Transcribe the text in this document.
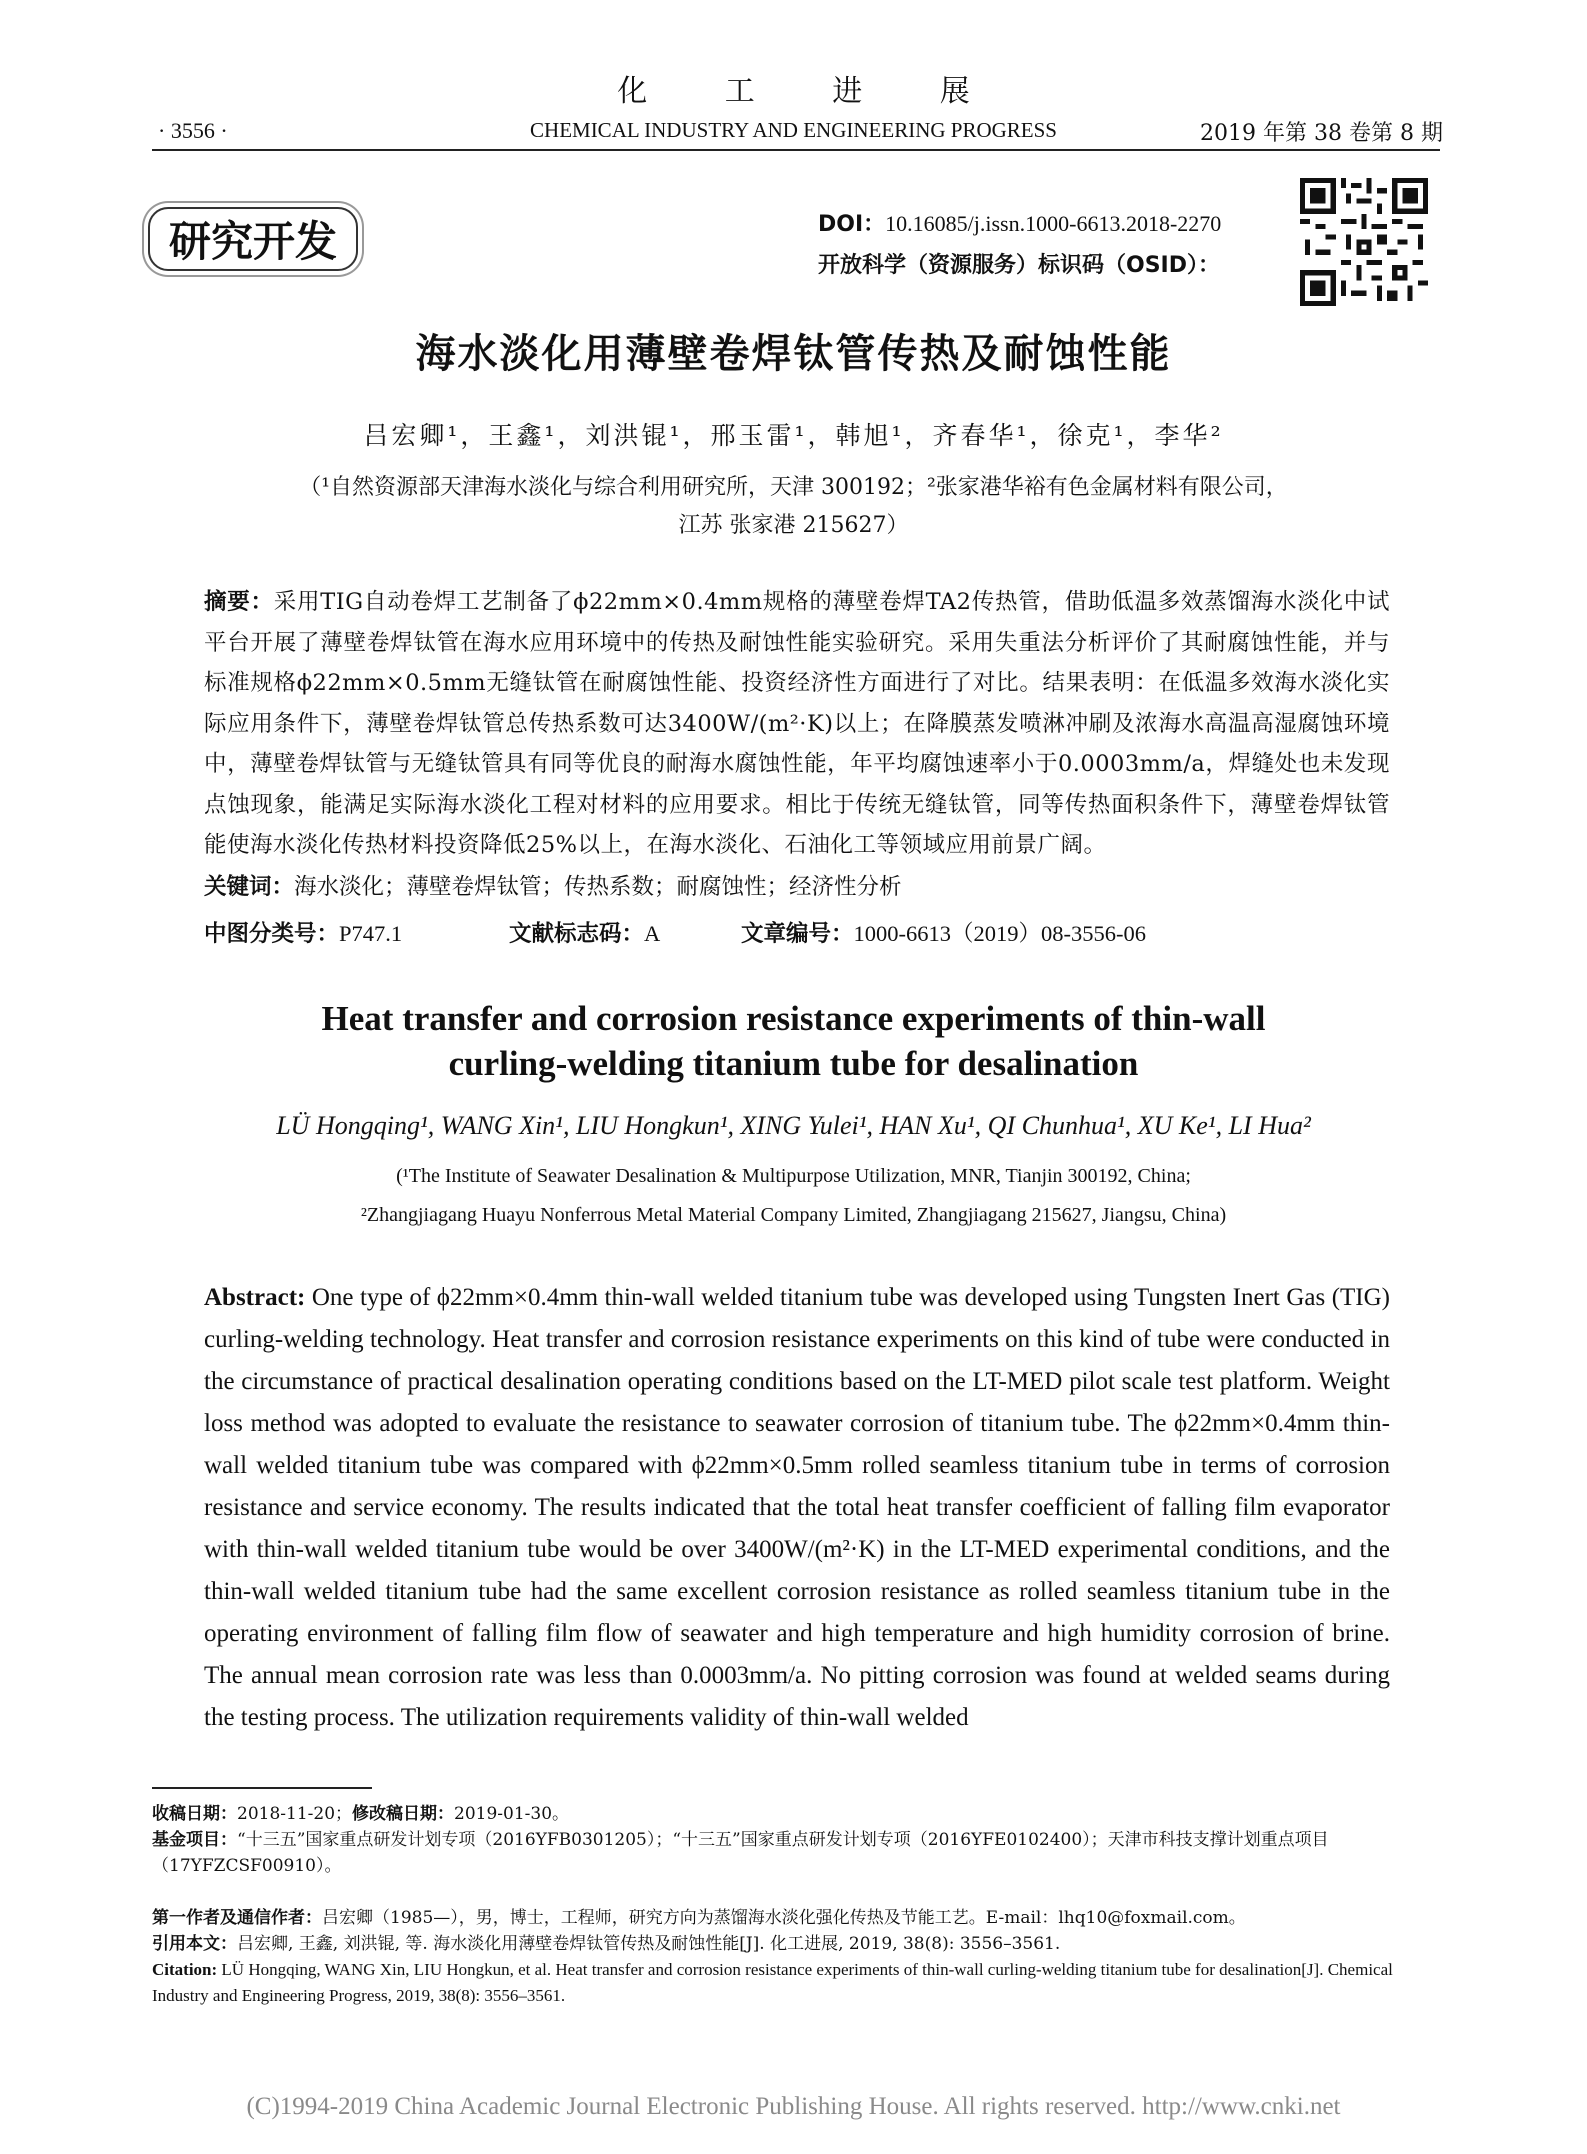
化 工 进 展
· 3556 ·	CHEMICAL INDUSTRY AND ENGINEERING PROGRESS	2019 年第 38 卷第 8 期
研究开发	DOI：10.16085/j.issn.1000-6613.2018-2270
开放科学（资源服务）标识码（OSID）：
海水淡化用薄壁卷焊钛管传热及耐蚀性能
吕宏卿¹，王鑫¹，刘洪锟¹，邢玉雷¹，韩旭¹，齐春华¹，徐克¹，李华²
（¹自然资源部天津海水淡化与综合利用研究所，天津 300192；²张家港华裕有色金属材料有限公司，
江苏 张家港 215627）
摘要：采用TIG自动卷焊工艺制备了ϕ22mm×0.4mm规格的薄壁卷焊TA2传热管，借助低温多效蒸馏海水淡化中试平台开展了薄壁卷焊钛管在海水应用环境中的传热及耐蚀性能实验研究。采用失重法分析评价了其耐腐蚀性能，并与标准规格ϕ22mm×0.5mm无缝钛管在耐腐蚀性能、投资经济性方面进行了对比。结果表明：在低温多效海水淡化实际应用条件下，薄壁卷焊钛管总传热系数可达3400W/(m²·K)以上；在降膜蒸发喷淋冲刷及浓海水高温高湿腐蚀环境中，薄壁卷焊钛管与无缝钛管具有同等优良的耐海水腐蚀性能，年平均腐蚀速率小于0.0003mm/a，焊缝处也未发现点蚀现象，能满足实际海水淡化工程对材料的应用要求。相比于传统无缝钛管，同等传热面积条件下，薄壁卷焊钛管能使海水淡化传热材料投资降低25%以上，在海水淡化、石油化工等领域应用前景广阔。
关键词：海水淡化；薄壁卷焊钛管；传热系数；耐腐蚀性；经济性分析
中图分类号：P747.1	文献标志码：A	文章编号：1000-6613（2019）08-3556-06
Heat transfer and corrosion resistance experiments of thin-wall
curling-welding titanium tube for desalination
LÜ Hongqing¹, WANG Xin¹, LIU Hongkun¹, XING Yulei¹, HAN Xu¹, QI Chunhua¹, XU Ke¹, LI Hua²
(¹The Institute of Seawater Desalination & Multipurpose Utilization, MNR, Tianjin 300192, China;
²Zhangjiagang Huayu Nonferrous Metal Material Company Limited, Zhangjiagang 215627, Jiangsu, China)
Abstract: One type of ϕ22mm×0.4mm thin-wall welded titanium tube was developed using Tungsten Inert Gas (TIG) curling-welding technology. Heat transfer and corrosion resistance experiments on this kind of tube were conducted in the circumstance of practical desalination operating conditions based on the LT-MED pilot scale test platform. Weight loss method was adopted to evaluate the resistance to seawater corrosion of titanium tube. The ϕ22mm×0.4mm thin-wall welded titanium tube was compared with ϕ22mm×0.5mm rolled seamless titanium tube in terms of corrosion resistance and service economy. The results indicated that the total heat transfer coefficient of falling film evaporator with thin-wall welded titanium tube would be over 3400W/(m²·K) in the LT-MED experimental conditions, and the thin-wall welded titanium tube had the same excellent corrosion resistance as rolled seamless titanium tube in the operating environment of falling film flow of seawater and high temperature and high humidity corrosion of brine. The annual mean corrosion rate was less than 0.0003mm/a. No pitting corrosion was found at welded seams during the testing process. The utilization requirements validity of thin-wall welded
收稿日期：2018-11-20；修改稿日期：2019-01-30。
基金项目：“十三五”国家重点研发计划专项（2016YFB0301205）；“十三五”国家重点研发计划专项（2016YFE0102400）；天津市科技支撑计划重点项目（17YFZCSF00910）。
第一作者及通信作者：吕宏卿（1985—），男，博士，工程师，研究方向为蒸馏海水淡化强化传热及节能工艺。E-mail：lhq10@foxmail.com。
引用本文：吕宏卿, 王鑫, 刘洪锟, 等. 海水淡化用薄壁卷焊钛管传热及耐蚀性能[J]. 化工进展, 2019, 38(8): 3556–3561.
Citation: LÜ Hongqing, WANG Xin, LIU Hongkun, et al. Heat transfer and corrosion resistance experiments of thin-wall curling-welding titanium tube for desalination[J]. Chemical Industry and Engineering Progress, 2019, 38(8): 3556–3561.
(C)1994-2019 China Academic Journal Electronic Publishing House. All rights reserved. http://www.cnki.net
